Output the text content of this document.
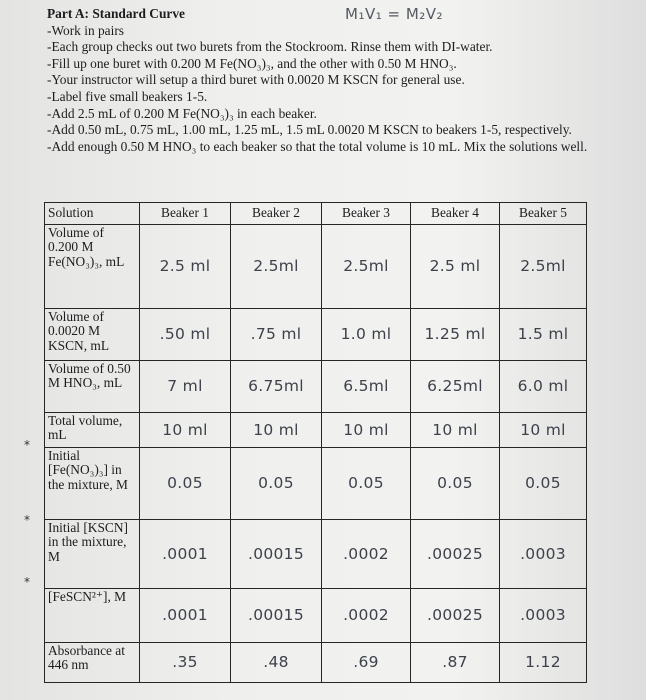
M₁V₁ = M₂V₂

Part A: Standard Curve

-Work in pairs

-Each group checks out two burets from the Stockroom. Rinse them with DI-water.

-Fill up one buret with 0.200 M Fe(NO₃)₃, and the other with 0.50 M HNO₃.

-Your instructor will setup a third buret with 0.0020 M KSCN for general use.

-Label five small beakers 1-5.

-Add 2.5 mL of 0.200 M Fe(NO₃)₃ in each beaker.

-Add 0.50 mL, 0.75 mL, 1.00 mL, 1.25 mL, 1.5 mL 0.0020 M KSCN to beakers 1-5, respectively.

-Add enough 0.50 M HNO₃ to each beaker so that the total volume is 10 mL. Mix the solutions well.

*
*
*
Solution	Beaker 1	Beaker 2	Beaker 3	Beaker 4	Beaker 5
Volume of 0.200 M Fe(NO₃)₃, mL	2.5 ml	2.5ml	2.5ml	2.5 ml	2.5ml
Volume of 0.0020 M KSCN, mL	.50 ml	.75 ml	1.0 ml	1.25 ml	1.5 ml
Volume of 0.50 M HNO₃, mL	7 ml	6.75ml	6.5ml	6.25ml	6.0 ml
Total volume, mL	10 ml	10 ml	10 ml	10 ml	10 ml
Initial [Fe(NO₃)₃] in the mixture, M	0.05	0.05	0.05	0.05	0.05
Initial [KSCN] in the mixture, M	.0001	.00015	.0002	.00025	.0003
[FeSCN²⁺], M	.0001	.00015	.0002	.00025	.0003
Absorbance at 446 nm	.35	.48	.69	.87	1.12
